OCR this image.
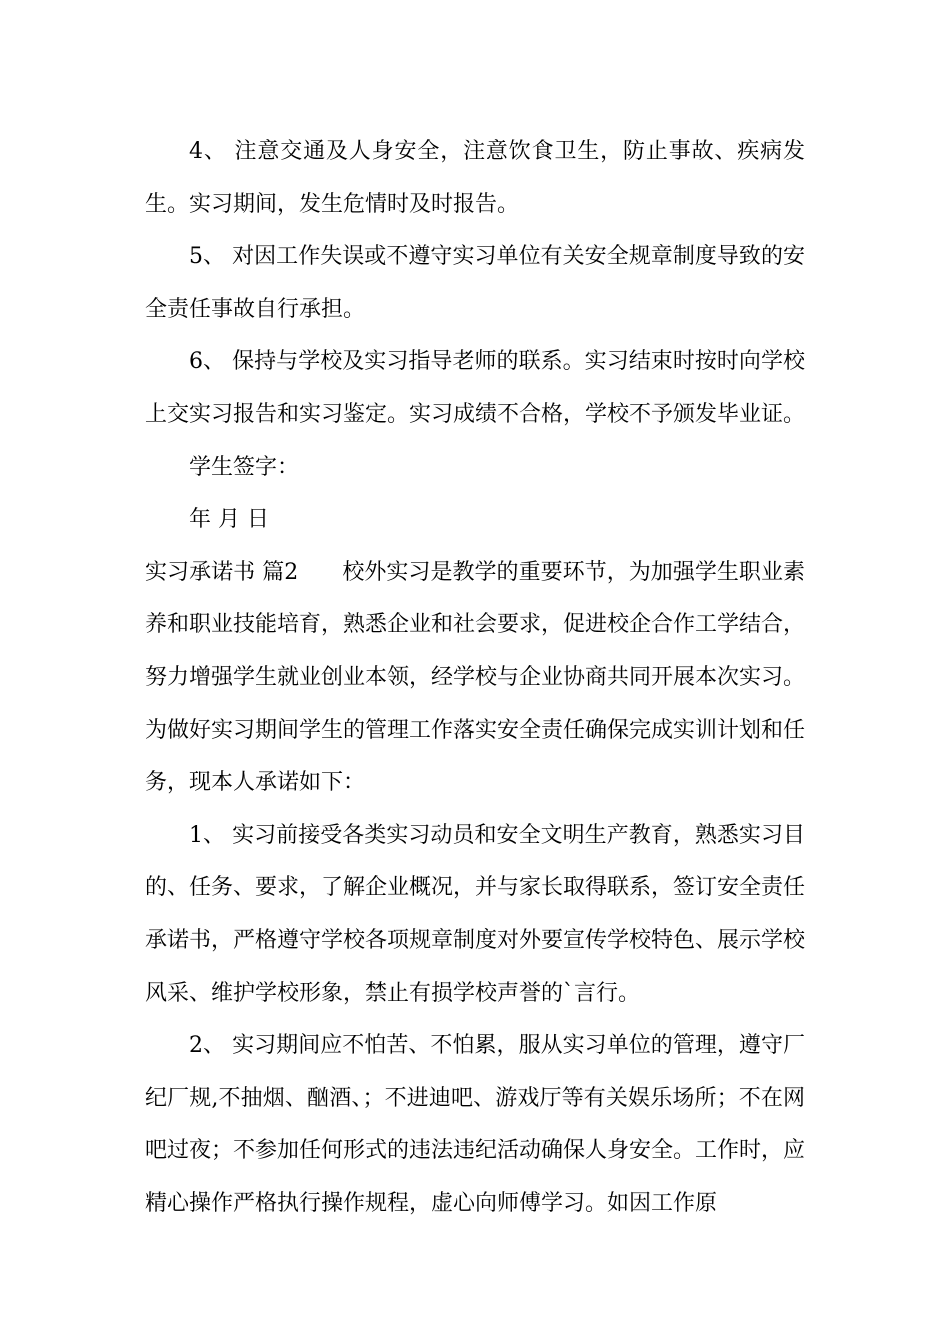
4、 注意交通及人身安全，注意饮食卫生，防止事故、疾病发生。实习期间，发生危情时及时报告。

5、 对因工作失误或不遵守实习单位有关安全规章制度导致的安全责任事故自行承担。

6、 保持与学校及实习指导老师的联系。实习结束时按时向学校上交实习报告和实习鉴定。实习成绩不合格，学校不予颁发毕业证。

学生签字：

年 月 日

实习承诺书 篇2　　校外实习是教学的重要环节，为加强学生职业素养和职业技能培育，熟悉企业和社会要求，促进校企合作工学结合，努力增强学生就业创业本领，经学校与企业协商共同开展本次实习。为做好实习期间学生的管理工作落实安全责任确保完成实训计划和任务，现本人承诺如下：

1、 实习前接受各类实习动员和安全文明生产教育，熟悉实习目的、任务、要求，了解企业概况，并与家长取得联系，签订安全责任承诺书，严格遵守学校各项规章制度对外要宣传学校特色、展示学校风采、维护学校形象，禁止有损学校声誉的`言行。

2、 实习期间应不怕苦、不怕累，服从实习单位的管理，遵守厂纪厂规,不抽烟、酗酒、；不进迪吧、游戏厅等有关娱乐场所；不在网吧过夜；不参加任何形式的违法违纪活动确保人身安全。工作时，应精心操作严格执行操作规程，虚心向师傅学习。如因工作原
